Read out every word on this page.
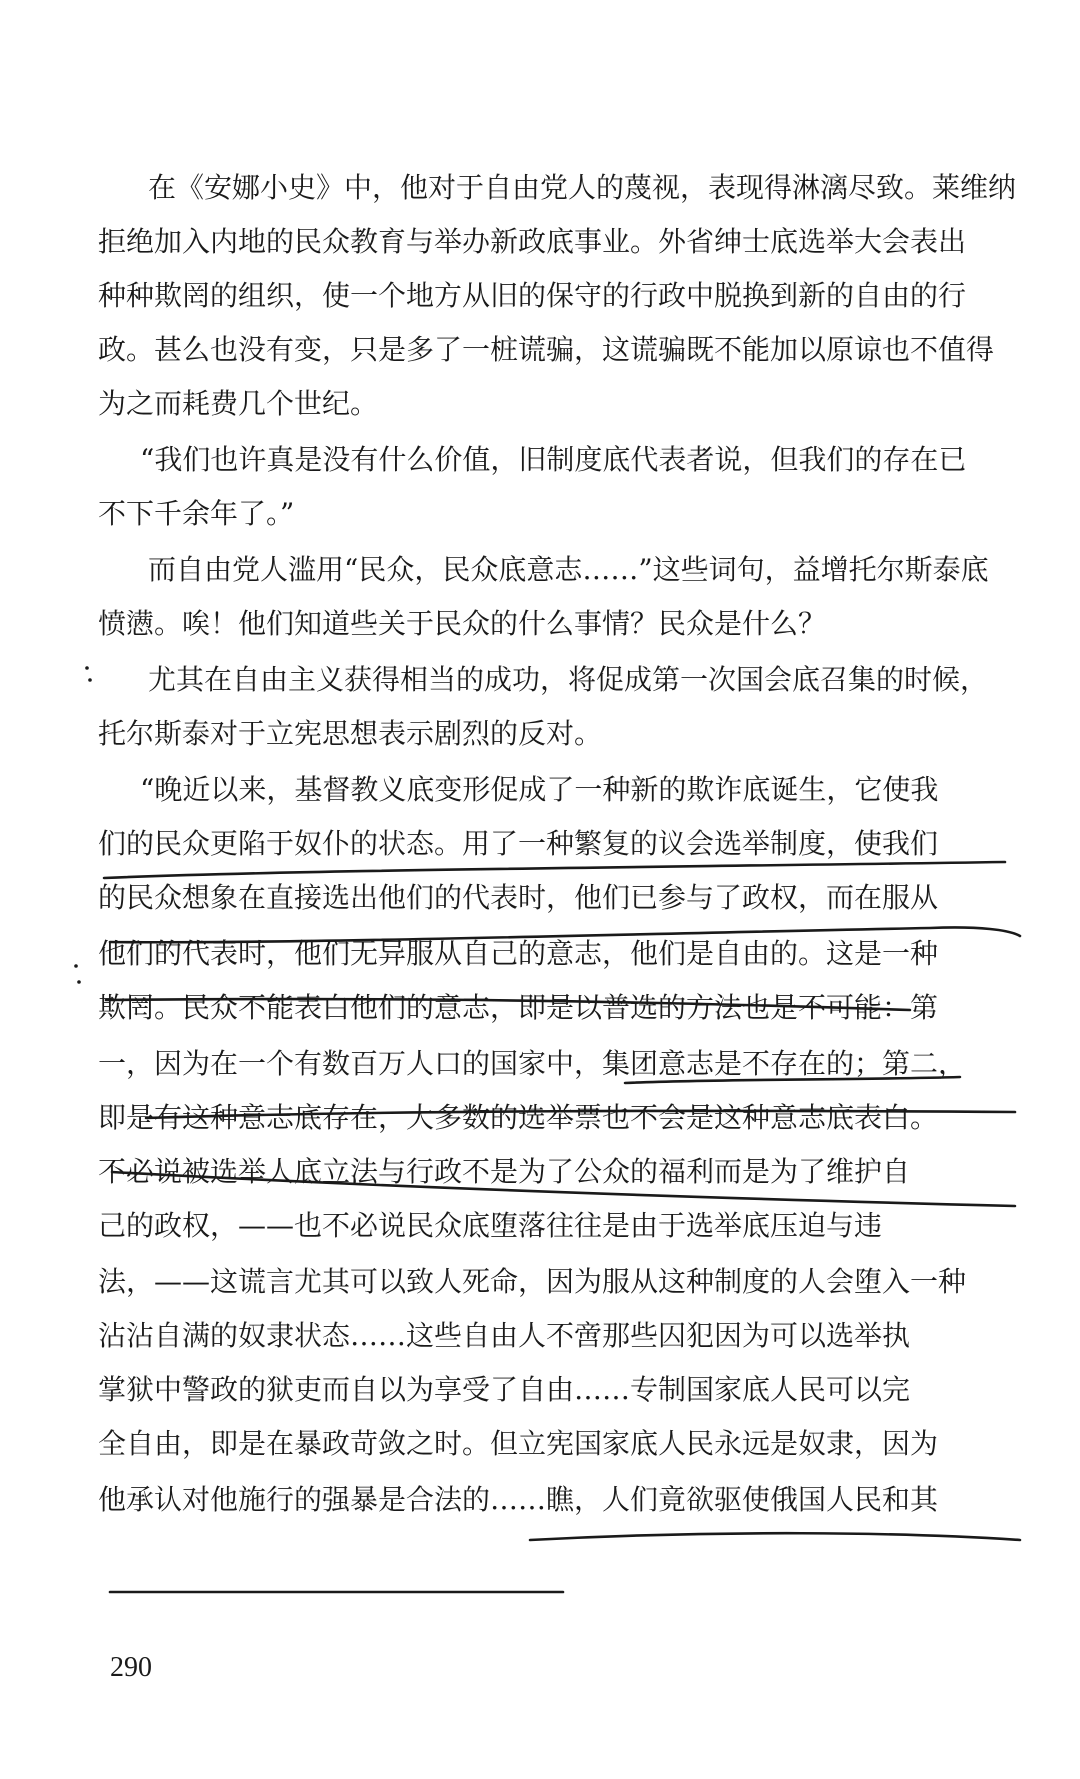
在《安娜小史》中，他对于自由党人的蔑视，表现得淋漓尽致。莱维纳
拒绝加入内地的民众教育与举办新政底事业。外省绅士底选举大会表出
种种欺罔的组织，使一个地方从旧的保守的行政中脱换到新的自由的行
政。甚么也没有变，只是多了一桩谎骗，这谎骗既不能加以原谅也不值得
为之而耗费几个世纪。
“我们也许真是没有什么价值，旧制度底代表者说，但我们的存在已
不下千余年了。”
而自由党人滥用“民众，民众底意志……”这些词句，益增托尔斯泰底
愤懑。唉！他们知道些关于民众的什么事情？民众是什么？
尤其在自由主义获得相当的成功，将促成第一次国会底召集的时候，
托尔斯泰对于立宪思想表示剧烈的反对。
“晚近以来，基督教义底变形促成了一种新的欺诈底诞生，它使我
们的民众更陷于奴仆的状态。用了一种繁复的议会选举制度，使我们
的民众想象在直接选出他们的代表时，他们已参与了政权，而在服从
他们的代表时，他们无异服从自己的意志，他们是自由的。这是一种
欺罔。民众不能表白他们的意志，即是以普选的方法也是不可能：第
一，因为在一个有数百万人口的国家中，集团意志是不存在的；第二，
即是有这种意志底存在，大多数的选举票也不会是这种意志底表白。
不必说被选举人底立法与行政不是为了公众的福利而是为了维护自
己的政权，——也不必说民众底堕落往往是由于选举底压迫与违
法，——这谎言尤其可以致人死命，因为服从这种制度的人会堕入一种
沾沾自满的奴隶状态……这些自由人不啻那些囚犯因为可以选举执
掌狱中警政的狱吏而自以为享受了自由……专制国家底人民可以完
全自由，即是在暴政苛敛之时。但立宪国家底人民永远是奴隶，因为
他承认对他施行的强暴是合法的……瞧，人们竟欲驱使俄国人民和其
290
